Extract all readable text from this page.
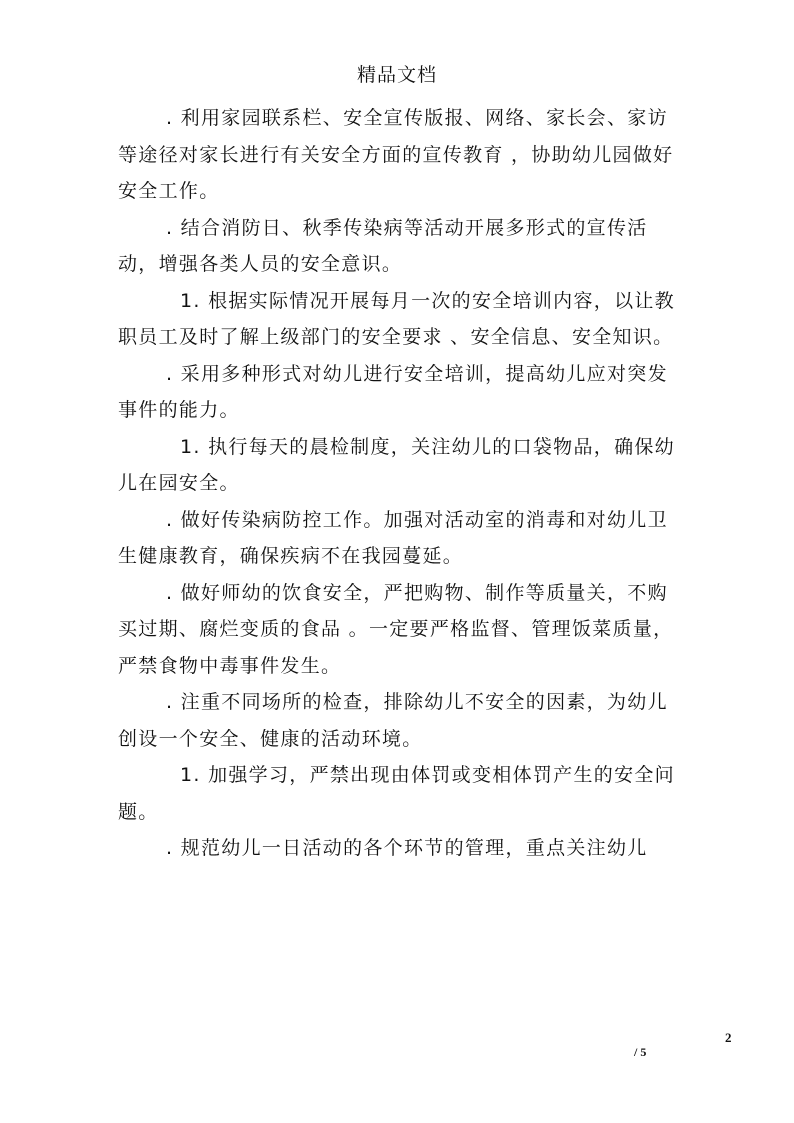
精品文档

. 利用家园联系栏、安全宣传版报、网络、家长会、家访等途径对家长进行有关安全方面的宣传教育 ，协助幼儿园做好安全工作。

. 结合消防日、秋季传染病等活动开展多形式的宣传活动，增强各类人员的安全意识。

1. 根据实际情况开展每月一次的安全培训内容，以让教职员工及时了解上级部门的安全要求 、安全信息、安全知识。

. 采用多种形式对幼儿进行安全培训，提高幼儿应对突发事件的能力。

1. 执行每天的晨检制度，关注幼儿的口袋物品，确保幼儿在园安全。

. 做好传染病防控工作。加强对活动室的消毒和对幼儿卫生健康教育，确保疾病不在我园蔓延。

. 做好师幼的饮食安全，严把购物、制作等质量关，不购买过期、腐烂变质的食品 。一定要严格监督、管理饭菜质量，严禁食物中毒事件发生。

. 注重不同场所的检查，排除幼儿不安全的因素，为幼儿创设一个安全、健康的活动环境。

1. 加强学习，严禁出现由体罚或变相体罚产生的安全问题。

. 规范幼儿一日活动的各个环节的管理，重点关注幼儿

2
/ 5
